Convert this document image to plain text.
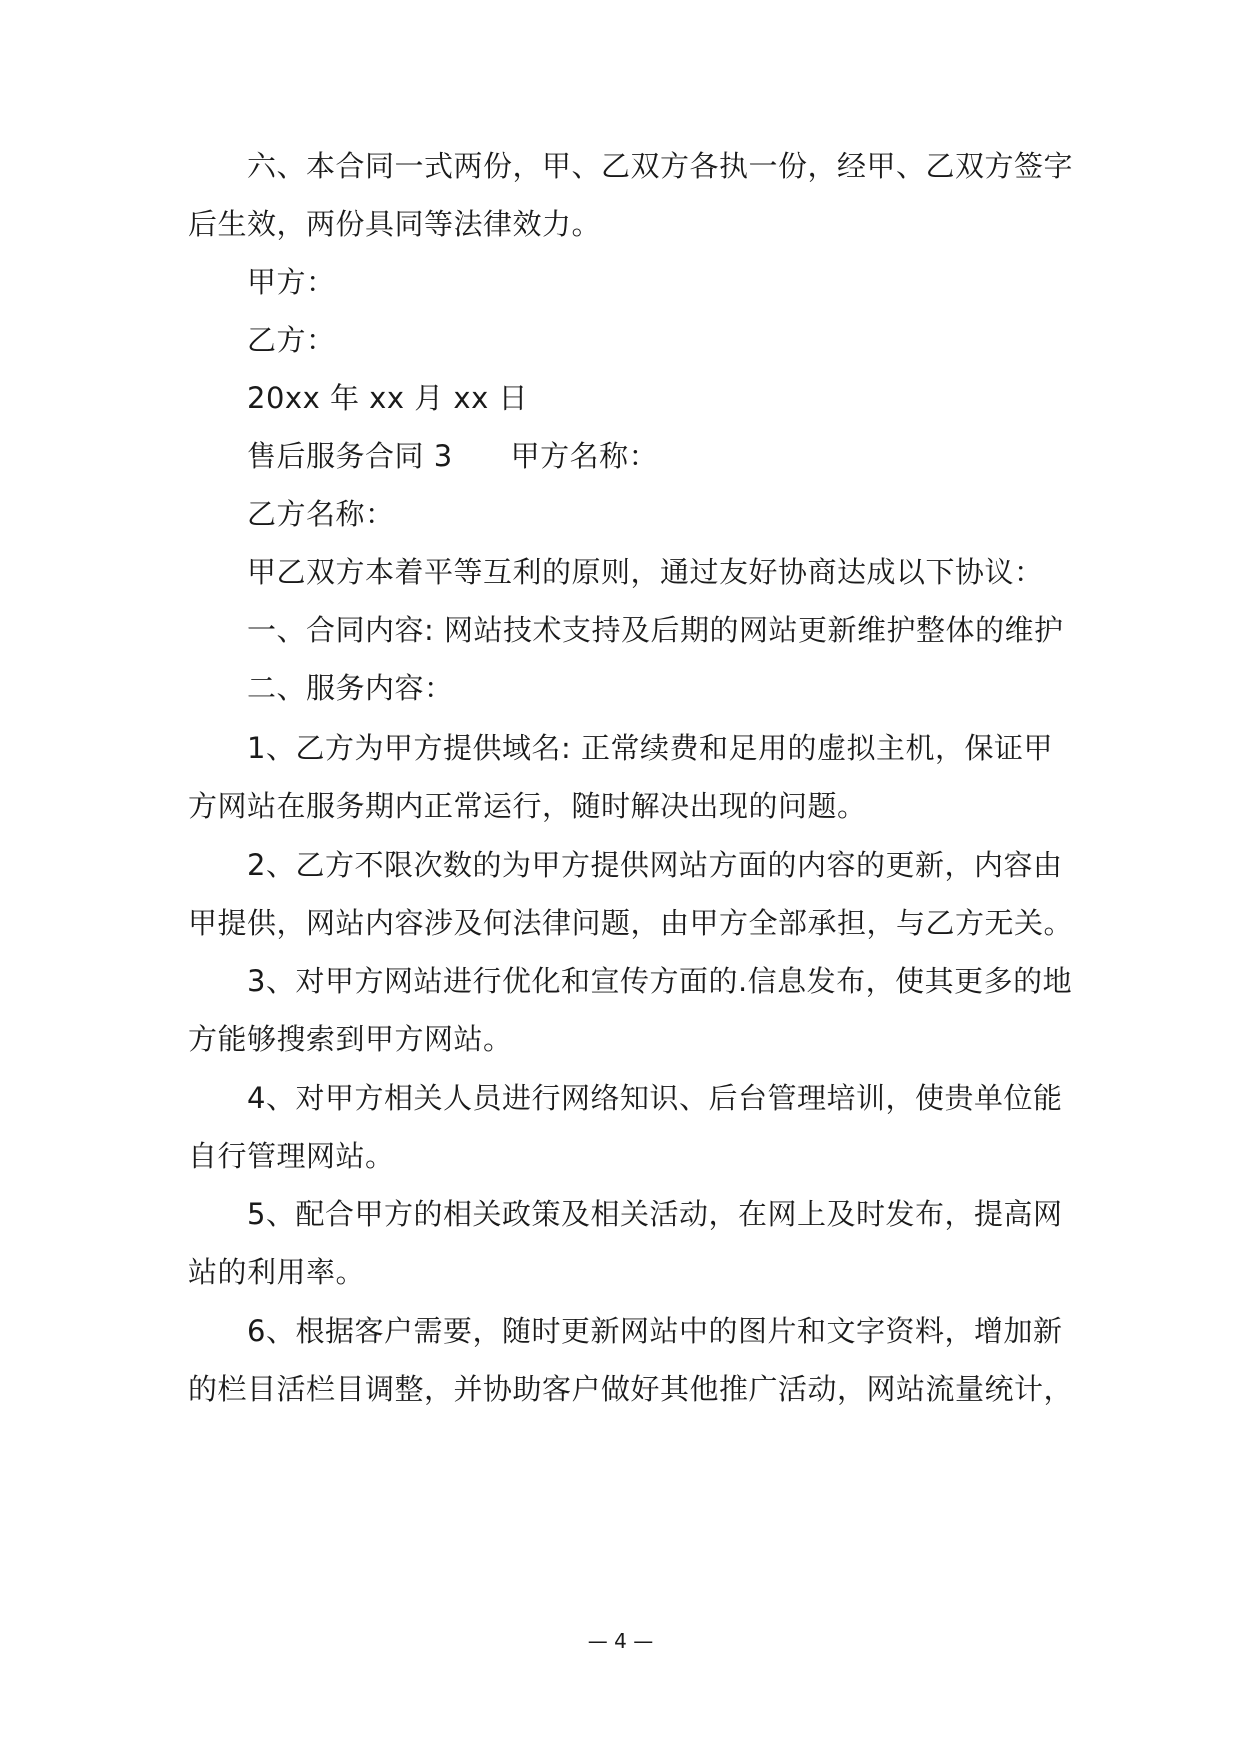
六、本合同一式两份，甲、乙双方各执一份，经甲、乙双方签字
后生效，两份具同等法律效力。
甲方：
乙方：
20xx 年 xx 月 xx 日
售后服务合同 3 甲方名称：
乙方名称：
甲乙双方本着平等互利的原则，通过友好协商达成以下协议：
一、合同内容: 网站技术支持及后期的网站更新维护整体的维护
二、服务内容：
1、乙方为甲方提供域名: 正常续费和足用的虚拟主机，保证甲
方网站在服务期内正常运行，随时解决出现的问题。
2、乙方不限次数的为甲方提供网站方面的内容的更新，内容由
甲提供，网站内容涉及何法律问题，由甲方全部承担，与乙方无关。
3、对甲方网站进行优化和宣传方面的.信息发布，使其更多的地
方能够搜索到甲方网站。
4、对甲方相关人员进行网络知识、后台管理培训，使贵单位能
自行管理网站。
5、配合甲方的相关政策及相关活动，在网上及时发布，提高网
站的利用率。
6、根据客户需要，随时更新网站中的图片和文字资料，增加新
的栏目活栏目调整，并协助客户做好其他推广活动，网站流量统计，
— 4 —
